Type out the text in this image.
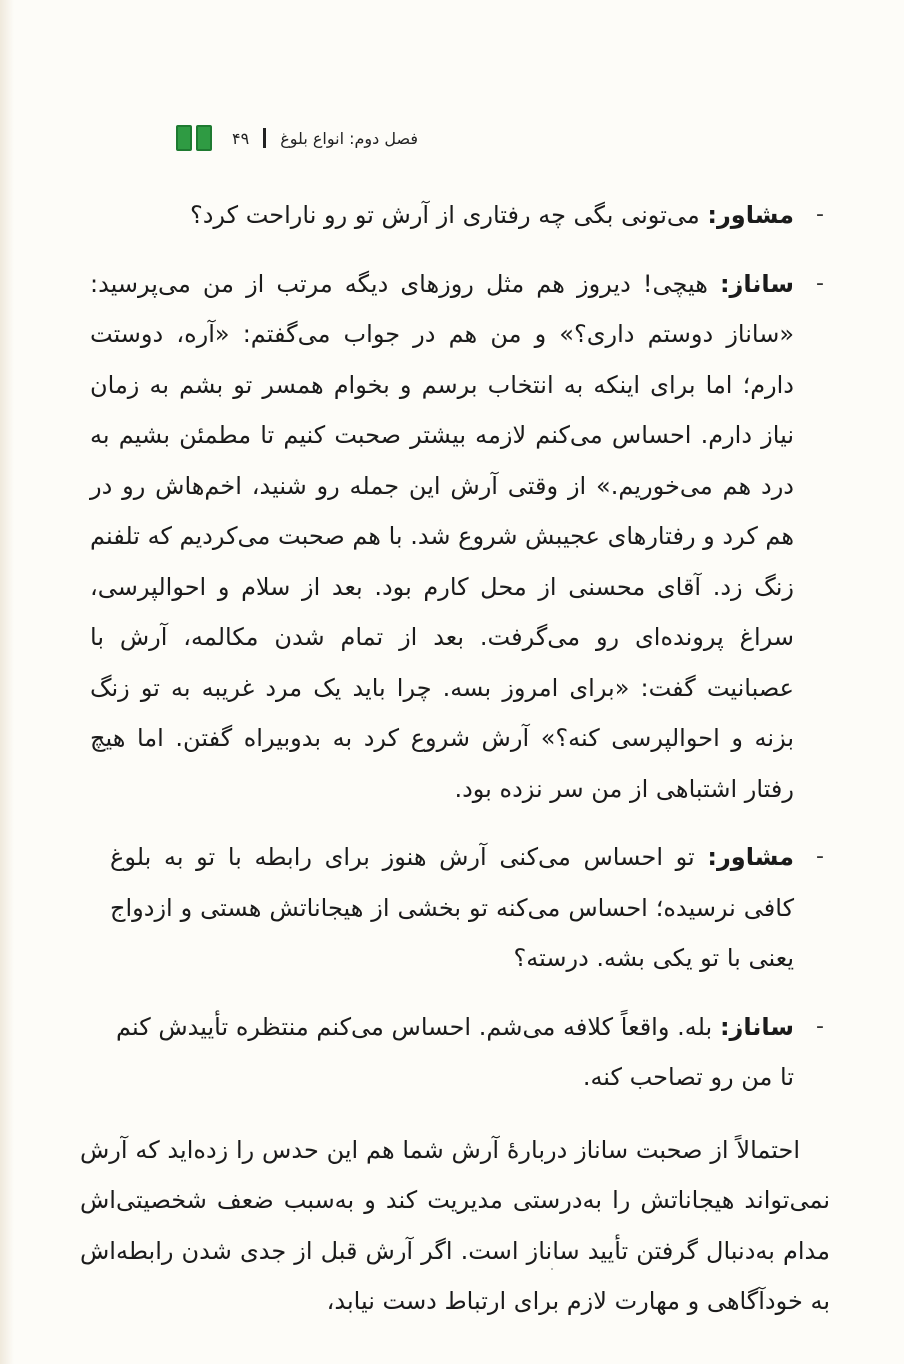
فصل دوم: انواع بلوغ
۴۹

-
مشاور: می‌تونی بگی چه رفتاری از آرش تو رو ناراحت کرد؟

-
ساناز: هیچی! دیروز هم مثل روزهای دیگه مرتب از من می‌پرسید: «ساناز دوستم داری؟» و من هم در جواب می‌گفتم: «آره، دوستت دارم؛ اما برای اینکه به انتخاب برسم و بخوام همسر تو بشم به زمان نیاز دارم. احساس می‌کنم لازمه بیشتر صحبت کنیم تا مطمئن بشیم به درد هم می‌خوریم.» از وقتی آرش این جمله رو شنید، اخم‌هاش رو در هم کرد و رفتارهای عجیبش شروع شد. با هم صحبت می‌کردیم که تلفنم زنگ زد. آقای محسنی از محل کارم بود. بعد از سلام و احوالپرسی، سراغ پرونده‌ای رو می‌گرفت. بعد از تمام شدن مکالمه، آرش با عصبانیت گفت: «برای امروز بسه. چرا باید یک مرد غریبه به تو زنگ بزنه و احوالپرسی کنه؟» آرش شروع کرد به بدوبیراه گفتن. اما هیچ رفتار اشتباهی از من سر نزده بود.

-
مشاور: تو احساس می‌کنی آرش هنوز برای رابطه با تو به بلوغ کافی نرسیده؛ احساس می‌کنه تو بخشی از هیجاناتش هستی و ازدواج یعنی با تو یکی بشه. درسته؟

-
ساناز: بله. واقعاً کلافه می‌شم. احساس می‌کنم منتظره تأییدش کنم تا من رو تصاحب کنه.

احتمالاً از صحبت ساناز دربارهٔ آرش شما هم این حدس را زده‌اید که آرش نمی‌تواند هیجاناتش را به‌درستی مدیریت کند و به‌سبب ضعف شخصیتی‌اش مدام به‌دنبال گرفتن تأیید ساناز است. اگر آرش قبل از جدی شدن رابطه‌اش به خودآگاهی و مهارت لازم برای ارتباط دست نیابد،
